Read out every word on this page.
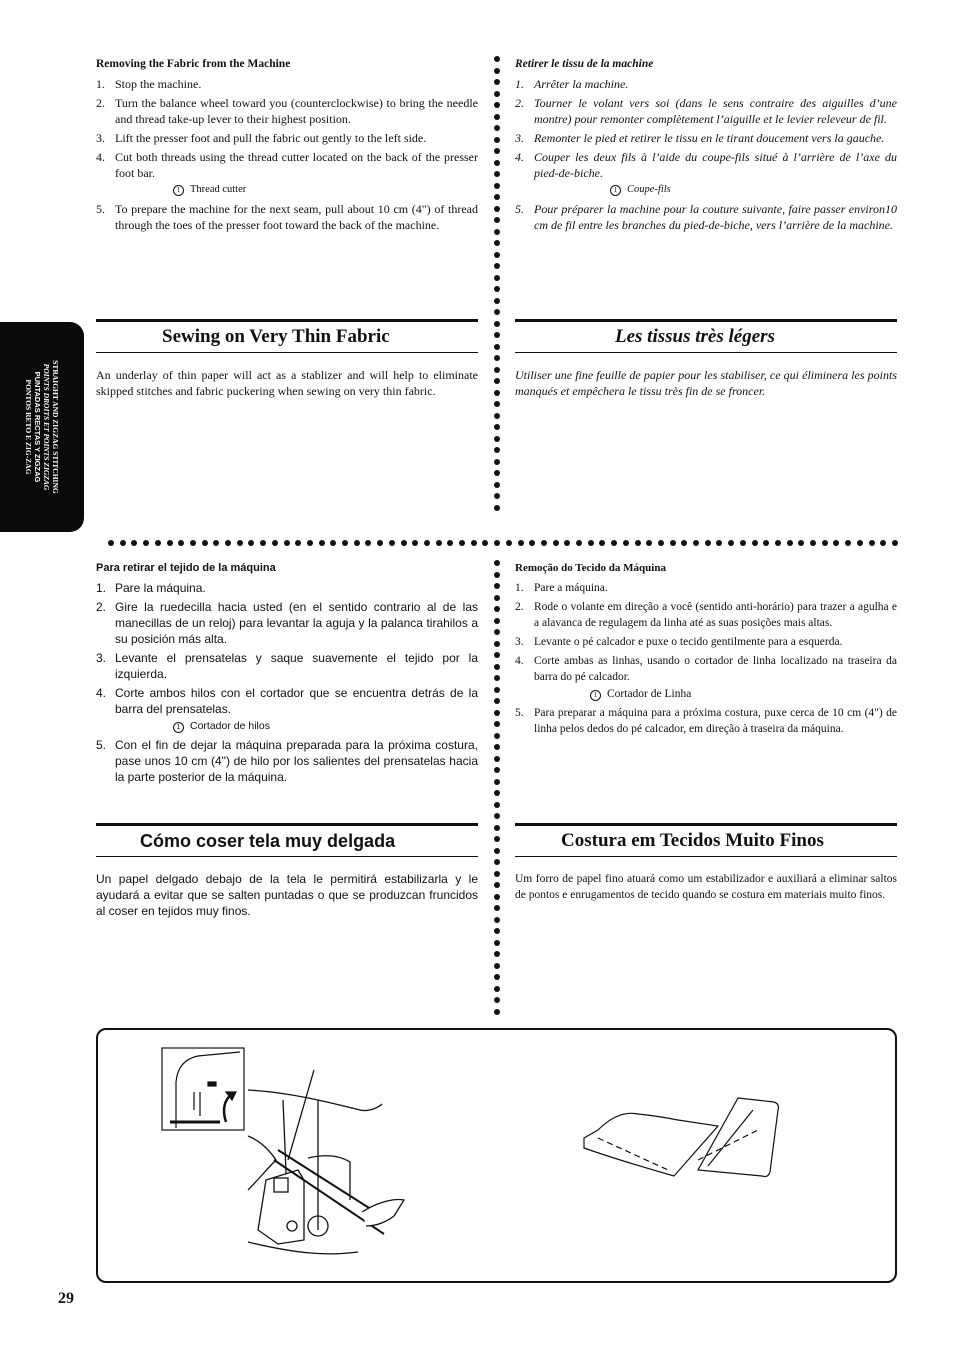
STRAIGHT AND ZIGZAG STITCHING
POINTS DROITS ET POINTS ZIGZAG
PUNTADAS RECTAS Y ZIGZAG
PONTOS RETO E ZIG-ZAG

Removing the Fabric from the Machine

1. Stop the machine.
2. Turn the balance wheel toward you (counterclockwise) to bring the needle and thread take-up lever to their highest position.
3. Lift the presser foot and pull the fabric out gently to the left side.
4. Cut both threads using the thread cutter located on the back of the presser foot bar.
1 Thread cutter
5. To prepare the machine for the next seam, pull about 10 cm (4") of thread through the toes of the presser foot toward the back of the machine.

Retirer le tissu de la machine

1. Arrêter la machine.
2. Tourner le volant vers soi (dans le sens contraire des aiguilles d’une montre) pour remonter complètement l’aiguille et le levier releveur de fil.
3. Remonter le pied et retirer le tissu en le tirant doucement vers la gauche.
4. Couper les deux fils à l’aide du coupe-fils situé à l’arrière de l’axe du pied-de-biche.
1 Coupe-fils
5. Pour préparer la machine pour la couture suivante, faire passer environ10 cm de fil entre les branches du pied-de-biche, vers l’arrière de la machine.
Sewing on Very Thin Fabric	Les tissus très légers
An underlay of thin paper will act as a stablizer and will help to eliminate skipped stitches and fabric puckering when sewing on very thin fabric.
Utiliser une fine feuille de papier pour les stabiliser, ce qui éliminera les points manqués et empêchera le tissu très fin de se froncer.

Para retirar el tejido de la máquina

1. Pare la máquina.
2. Gire la ruedecilla hacia usted (en el sentido contrario al de las manecillas de un reloj) para levantar la aguja y la palanca tirahilos a su posición más alta.
3. Levante el prensatelas y saque suavemente el tejido por la izquierda.
4. Corte ambos hilos con el cortador que se encuentra detrás de la barra del prensatelas.
1 Cortador de hilos
5. Con el fin de dejar la máquina preparada para la próxima costura, pase unos 10 cm (4") de hilo por los salientes del prensatelas hacia la parte posterior de la máquina.

Remoção do Tecido da Máquina

1. Pare a máquina.
2. Rode o volante em direção a você (sentido anti-horário) para trazer a agulha e a alavanca de regulagem da linha até as suas posições mais altas.
3. Levante o pé calcador e puxe o tecido gentilmente para a esquerda.
4. Corte ambas as linhas, usando o cortador de linha localizado na traseira da barra do pé calcador.
1 Cortador de Linha
5. Para preparar a máquina para a próxima costura, puxe cerca de 10 cm (4") de linha pelos dedos do pé calcador, em direção à traseira da máquina.
Cómo coser tela muy delgada	Costura em Tecidos Muito Finos
Un papel delgado debajo de la tela le permitirá estabilizarla y le ayudará a evitar que se salten puntadas o que se produzcan fruncidos al coser en tejidos muy finos.
Um forro de papel fino atuará como um estabilizador e auxiliará a eliminar saltos de pontos e enrugamentos de tecido quando se costura em materiais muito finos.
29
